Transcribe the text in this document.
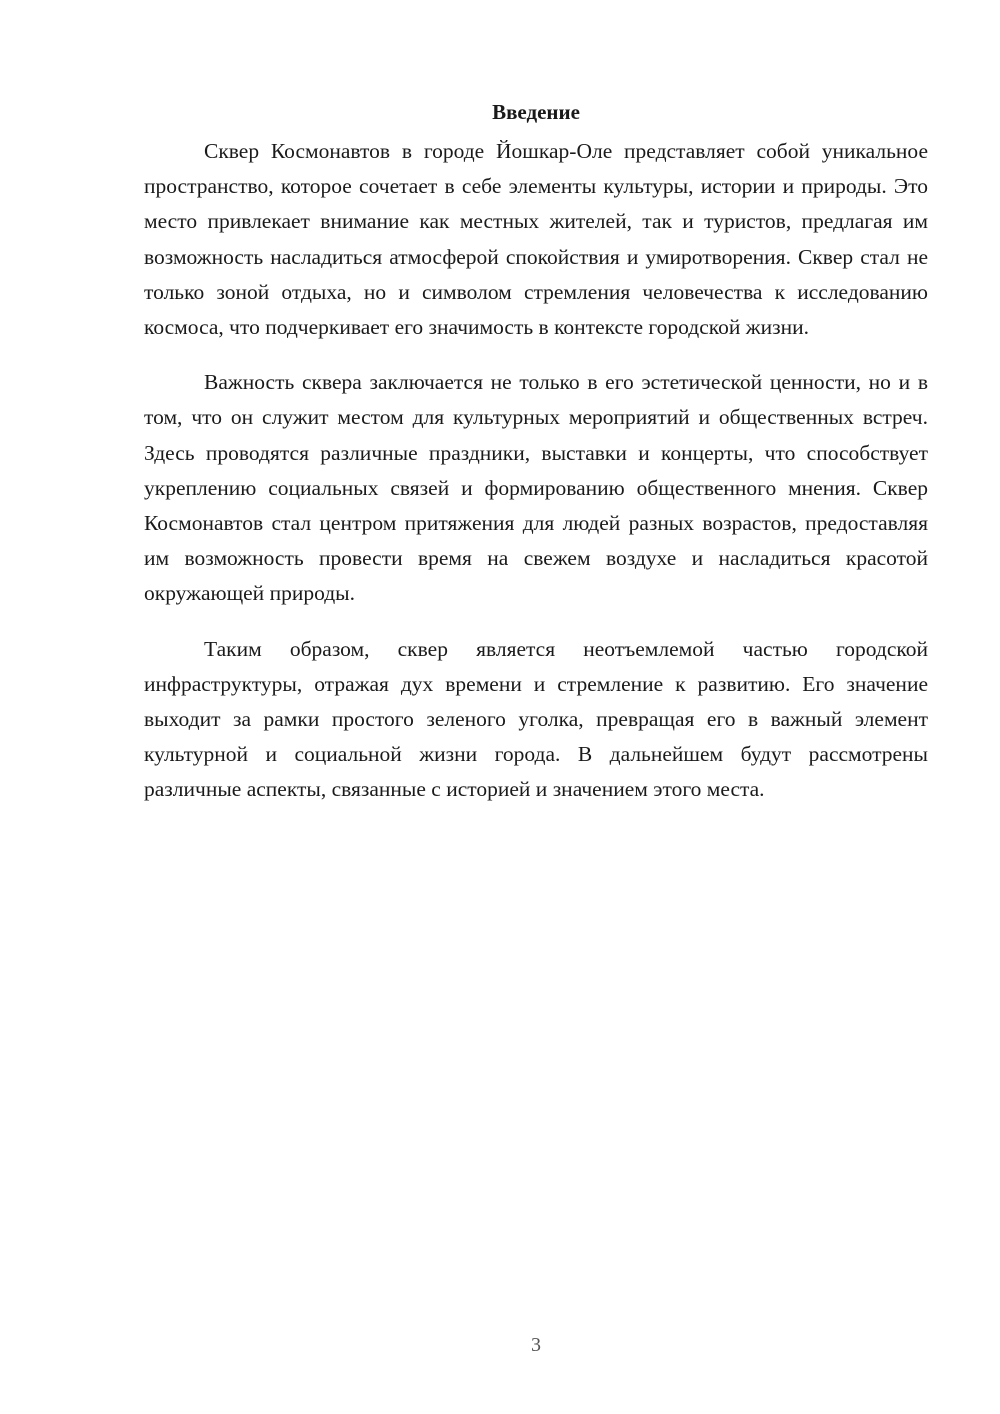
Введение

Сквер Космонавтов в городе Йошкар-Оле представляет собой уникальное пространство, которое сочетает в себе элементы культуры, истории и природы. Это место привлекает внимание как местных жителей, так и туристов, предлагая им возможность насладиться атмосферой спокойствия и умиротворения. Сквер стал не только зоной отдыха, но и символом стремления человечества к исследованию космоса, что подчеркивает его значимость в контексте городской жизни.

Важность сквера заключается не только в его эстетической ценности, но и в том, что он служит местом для культурных мероприятий и общественных встреч. Здесь проводятся различные праздники, выставки и концерты, что способствует укреплению социальных связей и формированию общественного мнения. Сквер Космонавтов стал центром притяжения для людей разных возрастов, предоставляя им возможность провести время на свежем воздухе и насладиться красотой окружающей природы.

Таким образом, сквер является неотъемлемой частью городской инфраструктуры, отражая дух времени и стремление к развитию. Его значение выходит за рамки простого зеленого уголка, превращая его в важный элемент культурной и социальной жизни города. В дальнейшем будут рассмотрены различные аспекты, связанные с историей и значением этого места.

3
